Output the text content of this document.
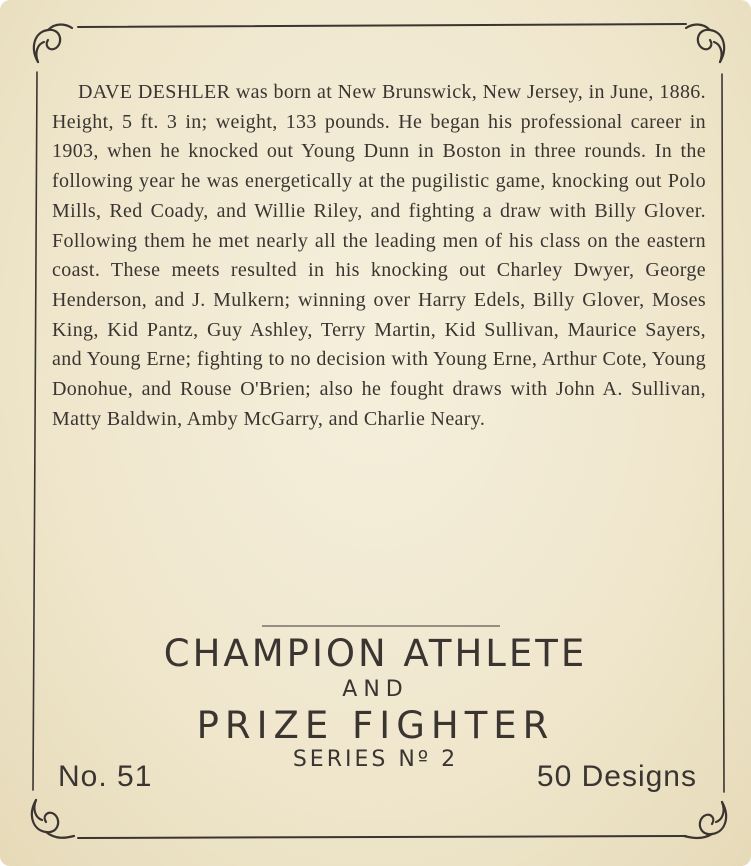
DAVE DESHLER was born at New Brunswick, New Jersey, in June, 1886. Height, 5 ft. 3 in; weight, 133 pounds. He began his professional career in 1903, when he knocked out Young Dunn in Boston in three rounds. In the following year he was energetically at the pugilistic game, knocking out Polo Mills, Red Coady, and Willie Riley, and fighting a draw with Billy Glover. Following them he met nearly all the leading men of his class on the eastern coast. These meets resulted in his knocking out Charley Dwyer, George Henderson, and J. Mulkern; winning over Harry Edels, Billy Glover, Moses King, Kid Pantz, Guy Ashley, Terry Martin, Kid Sullivan, Maurice Sayers, and Young Erne; fighting to no decision with Young Erne, Arthur Cote, Young Donohue, and Rouse O'Brien; also he fought draws with John A. Sullivan, Matty Baldwin, Amby McGarry, and Charlie Neary.

CHAMPION ATHLETE
AND
PRIZE FIGHTER
SERIES Nº 2
No. 51	50 Designs
